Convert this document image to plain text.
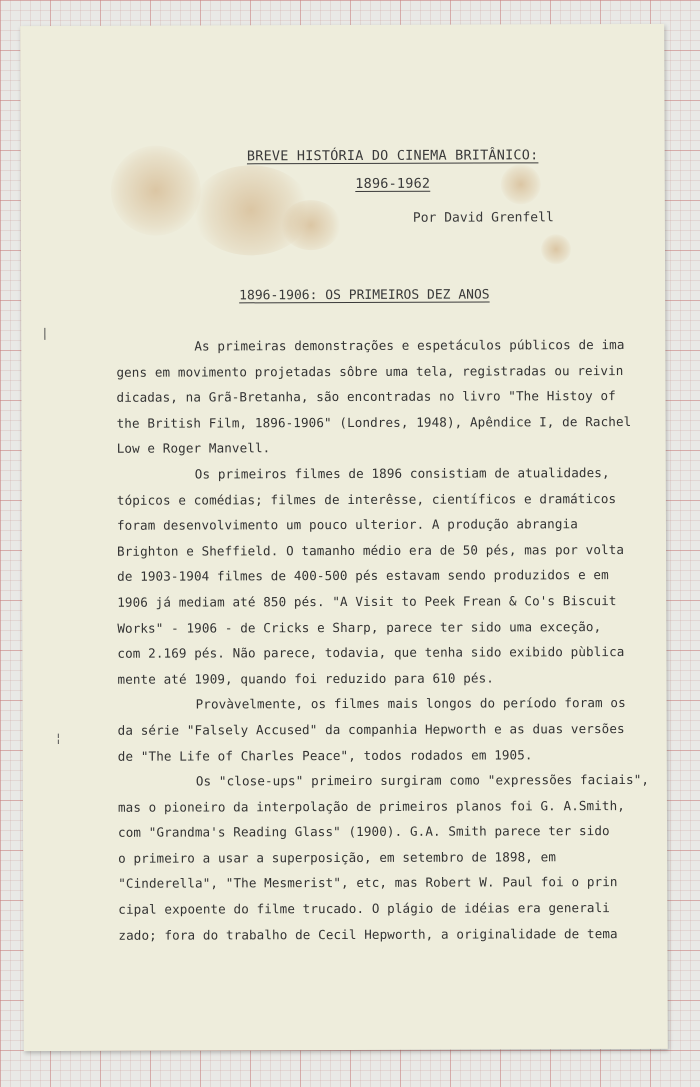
|
¦
BREVE HISTÓRIA DO CINEMA BRITÂNICO:
1896-1962
Por David Grenfell
1896-1906: OS PRIMEIROS DEZ ANOS
As primeiras demonstrações e espetáculos públicos de ima
gens em movimento projetadas sôbre uma tela, registradas ou reivin
dicadas, na Grã-Bretanha, são encontradas no livro "The Histoy of
the British Film, 1896-1906" (Londres, 1948), Apêndice I, de Rachel
Low e Roger Manvell.
Os primeiros filmes de 1896 consistiam de atualidades,
tópicos e comédias; filmes de interêsse, científicos e dramáticos
foram desenvolvimento um pouco ulterior. A produção abrangia
Brighton e Sheffield. O tamanho médio era de 50 pés, mas por volta
de 1903-1904 filmes de 400-500 pés estavam sendo produzidos e em
1906 já mediam até 850 pés. "A Visit to Peek Frean & Co's Biscuit
Works" - 1906 - de Cricks e Sharp, parece ter sido uma exceção,
com 2.169 pés. Não parece, todavia, que tenha sido exibido pùblica
mente até 1909, quando foi reduzido para 610 pés.
Provàvelmente, os filmes mais longos do período foram os
da série "Falsely Accused" da companhia Hepworth e as duas versões
de "The Life of Charles Peace", todos rodados em 1905.
Os "close-ups" primeiro surgiram como "expressões faciais",
mas o pioneiro da interpolação de primeiros planos foi G. A.Smith,
com "Grandma's Reading Glass" (1900). G.A. Smith parece ter sido
o primeiro a usar a superposição, em setembro de 1898, em
"Cinderella", "The Mesmerist", etc, mas Robert W. Paul foi o prin
cipal expoente do filme trucado. O plágio de idéias era generali
zado; fora do trabalho de Cecil Hepworth, a originalidade de tema
